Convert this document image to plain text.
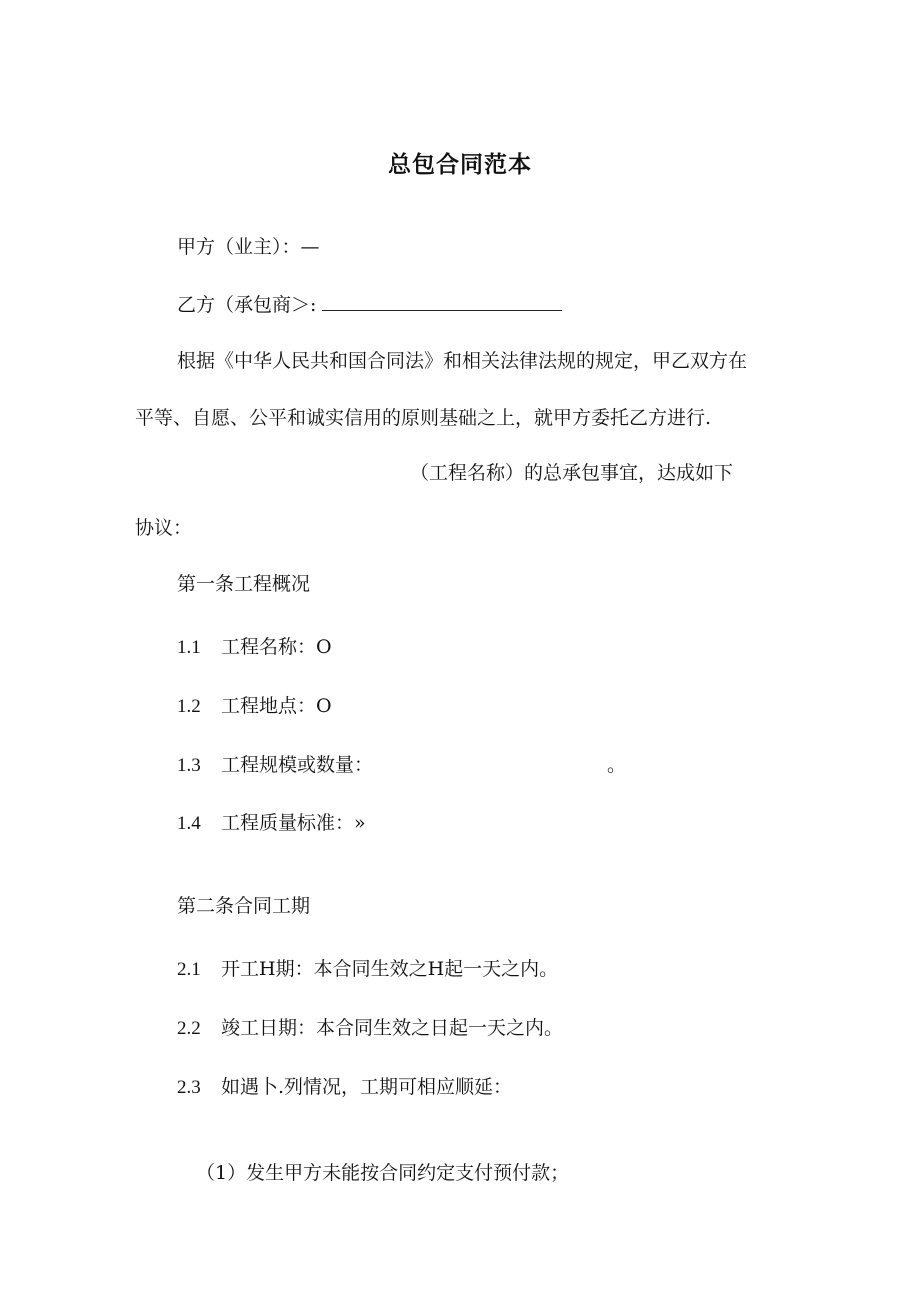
总包合同范本
甲方（业主）：—
乙方（承包商＞:
根据《中华人民共和国合同法》和相关法律法规的规定，甲乙双方在
平等、自愿、公平和诚实信用的原则基础之上，就甲方委托乙方进行.
（工程名称）的总承包事宜，达成如下
协议：
第一条工程概况
1.1 工程名称：O
1.2 工程地点：O
1.3 工程规模或数量：	。
1.4 工程质量标准：»
第二条合同工期
2.1 开工H期：本合同生效之H起一天之内。
2.2 竣工日期：本合同生效之日起一天之内。
2.3 如遇卜.列情况，工期可相应顺延：
（1）发生甲方未能按合同约定支付预付款；
